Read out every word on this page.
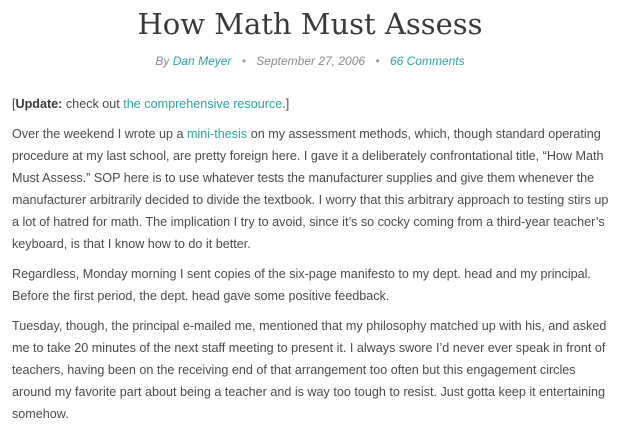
How Math Must Assess
By Dan Meyer • September 27, 2006 • 66 Comments

[Update: check out the comprehensive resource.]

Over the weekend I wrote up a mini-thesis on my assessment methods, which, though standard operating procedure at my last school, are pretty foreign here. I gave it a deliberately confrontational title, “How Math Must Assess.” SOP here is to use whatever tests the manufacturer supplies and give them whenever the manufacturer arbitrarily decided to divide the textbook. I worry that this arbitrary approach to testing stirs up a lot of hatred for math. The implication I try to avoid, since it’s so cocky coming from a third-year teacher’s keyboard, is that I know how to do it better.

Regardless, Monday morning I sent copies of the six-page manifesto to my dept. head and my principal. Before the first period, the dept. head gave some positive feedback.

Tuesday, though, the principal e-mailed me, mentioned that my philosophy matched up with his, and asked me to take 20 minutes of the next staff meeting to present it. I always swore I’d never ever speak in front of teachers, having been on the receiving end of that arrangement too often but this engagement circles around my favorite part about being a teacher and is way too tough to resist. Just gotta keep it entertaining somehow.
